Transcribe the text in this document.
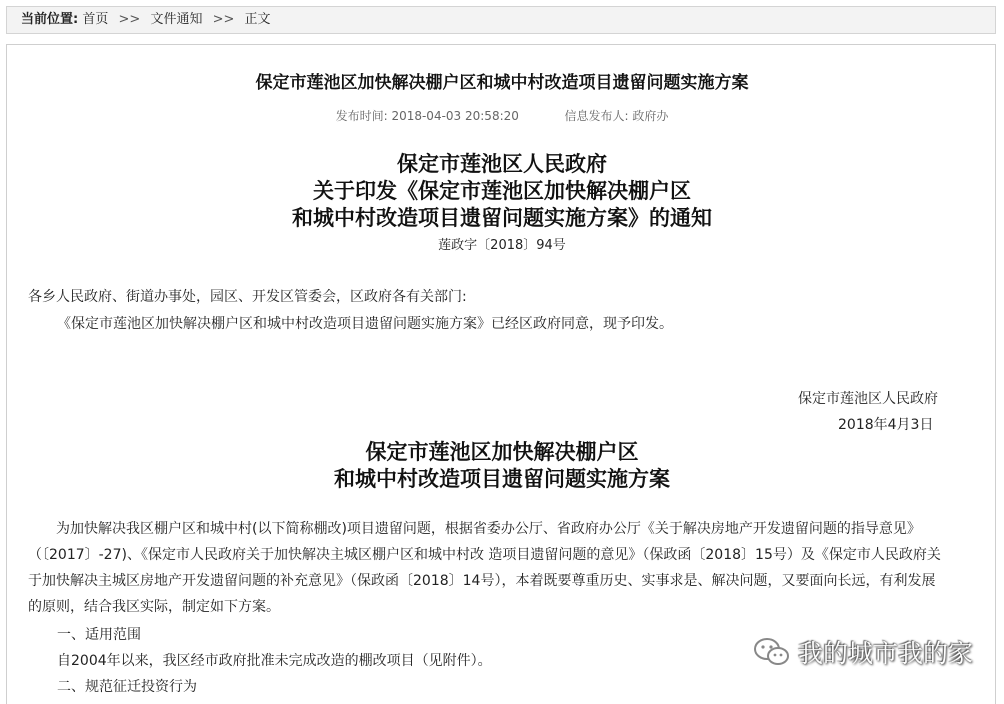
当前位置: 首页 >> 文件通知 >> 正文
保定市莲池区加快解决棚户区和城中村改造项目遗留问题实施方案
发布时间: 2018-04-03 20:58:20	信息发布人: 政府办
保定市莲池区人民政府
关于印发《保定市莲池区加快解决棚户区
和城中村改造项目遗留问题实施方案》的通知
莲政字〔2018〕94号
各乡人民政府、街道办事处，园区、开发区管委会，区政府各有关部门:
《保定市莲池区加快解决棚户区和城中村改造项目遗留问题实施方案》已经区政府同意，现予印发。
保定市莲池区人民政府
2018年4月3日
保定市莲池区加快解决棚户区
和城中村改造项目遗留问题实施方案
为加快解决我区棚户区和城中村(以下简称棚改)项目遗留问题，根据省委办公厅、省政府办公厅《关于解决房地产开发遗留问题的指导意见》
（〔2017〕-27)、《保定市人民政府关于加快解决主城区棚户区和城中村改 造项目遗留问题的意见》（保政函〔2018〕15号）及《保定市人民政府关
于加快解决主城区房地产开发遗留问题的补充意见》（保政函〔2018〕14号），本着既要尊重历史、实事求是、解决问题，又要面向长远，有利发展
的原则，结合我区实际，制定如下方案。
一、适用范围
自2004年以来，我区经市政府批准未完成改造的棚改项目（见附件）。
二、规范征迁投资行为
我的城市我的家
